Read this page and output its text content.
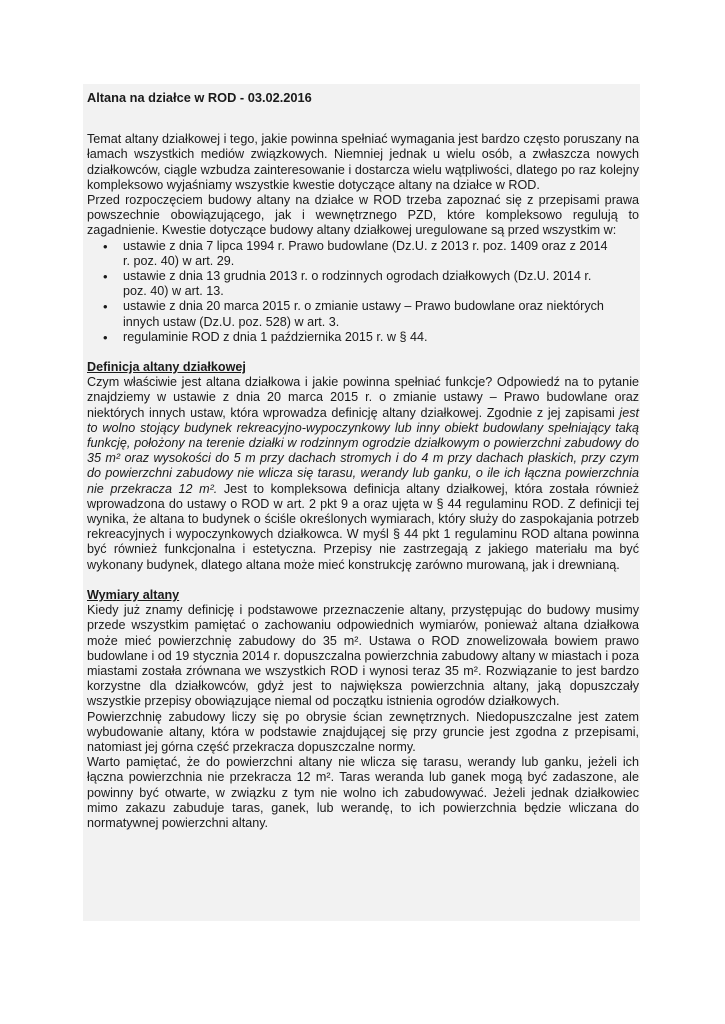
Altana na działce w ROD - 03.02.2016

Temat altany działkowej i tego, jakie powinna spełniać wymagania jest bardzo często poruszany na łamach wszystkich mediów związkowych. Niemniej jednak u wielu osób, a zwłaszcza nowych działkowców, ciągle wzbudza zainteresowanie i dostarcza wielu wątpliwości, dlatego po raz kolejny kompleksowo wyjaśniamy wszystkie kwestie dotyczące altany na działce w ROD.

Przed rozpoczęciem budowy altany na działce w ROD trzeba zapoznać się z przepisami prawa powszechnie obowiązującego, jak i wewnętrznego PZD, które kompleksowo regulują to zagadnienie. Kwestie dotyczące budowy altany działkowej uregulowane są przed wszystkim w:

• ustawie z dnia 7 lipca 1994 r. Prawo budowlane (Dz.U. z 2013 r. poz. 1409 oraz z 2014 r. poz. 40) w art. 29.
• ustawie z dnia 13 grudnia 2013 r. o rodzinnych ogrodach działkowych (Dz.U. 2014 r. poz. 40) w art. 13.
• ustawie z dnia 20 marca 2015 r. o zmianie ustawy – Prawo budowlane oraz niektórych innych ustaw (Dz.U. poz. 528) w art. 3.
• regulaminie ROD z dnia 1 października 2015 r. w § 44.

Definicja altany działkowej

Czym właściwie jest altana działkowa i jakie powinna spełniać funkcje? Odpowiedź na to pytanie znajdziemy w ustawie z dnia 20 marca 2015 r. o zmianie ustawy – Prawo budowlane oraz niektórych innych ustaw, która wprowadza definicję altany działkowej. Zgodnie z jej zapisami jest to wolno stojący budynek rekreacyjno-wypoczynkowy lub inny obiekt budowlany spełniający taką funkcję, położony na terenie działki w rodzinnym ogrodzie działkowym o powierzchni zabudowy do 35 m² oraz wysokości do 5 m przy dachach stromych i do 4 m przy dachach płaskich, przy czym do powierzchni zabudowy nie wlicza się tarasu, werandy lub ganku, o ile ich łączna powierzchnia nie przekracza 12 m². Jest to kompleksowa definicja altany działkowej, która została również wprowadzona do ustawy o ROD w art. 2 pkt 9 a oraz ujęta w § 44 regulaminu ROD. Z definicji tej wynika, że altana to budynek o ściśle określonych wymiarach, który służy do zaspokajania potrzeb rekreacyjnych i wypoczynkowych działkowca. W myśl § 44 pkt 1 regulaminu ROD altana powinna być również funkcjonalna i estetyczna. Przepisy nie zastrzegają z jakiego materiału ma być wykonany budynek, dlatego altana może mieć konstrukcję zarówno murowaną, jak i drewnianą.

Wymiary altany

Kiedy już znamy definicję i podstawowe przeznaczenie altany, przystępując do budowy musimy przede wszystkim pamiętać o zachowaniu odpowiednich wymiarów, ponieważ altana działkowa może mieć powierzchnię zabudowy do 35 m². Ustawa o ROD znowelizowała bowiem prawo budowlane i od 19 stycznia 2014 r. dopuszczalna powierzchnia zabudowy altany w miastach i poza miastami została zrównana we wszystkich ROD i wynosi teraz 35 m². Rozwiązanie to jest bardzo korzystne dla działkowców, gdyż jest to największa powierzchnia altany, jaką dopuszczały wszystkie przepisy obowiązujące niemal od początku istnienia ogrodów działkowych.

Powierzchnię zabudowy liczy się po obrysie ścian zewnętrznych. Niedopuszczalne jest zatem wybudowanie altany, która w podstawie znajdującej się przy gruncie jest zgodna z przepisami, natomiast jej górna część przekracza dopuszczalne normy.

Warto pamiętać, że do powierzchni altany nie wlicza się tarasu, werandy lub ganku, jeżeli ich łączna powierzchnia nie przekracza 12 m². Taras weranda lub ganek mogą być zadaszone, ale powinny być otwarte, w związku z tym nie wolno ich zabudowywać. Jeżeli jednak działkowiec mimo zakazu zabuduje taras, ganek, lub werandę, to ich powierzchnia będzie wliczana do normatywnej powierzchni altany.
